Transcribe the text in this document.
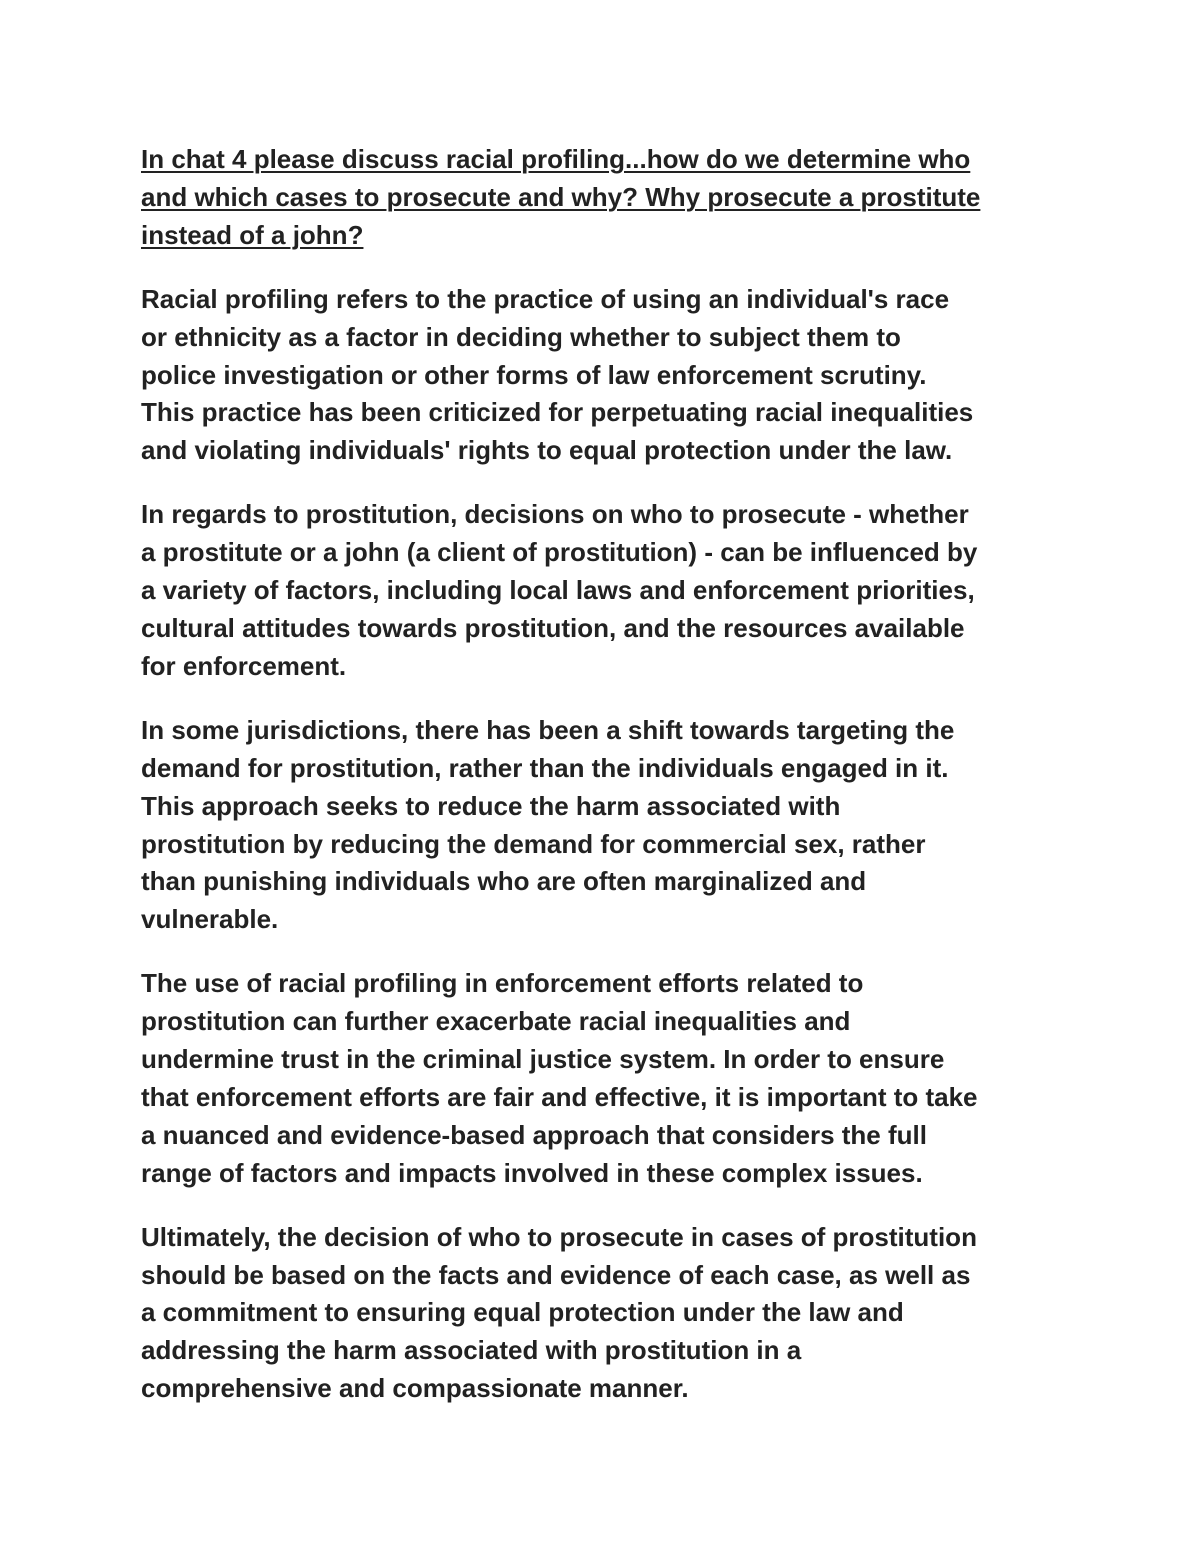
In chat 4 please discuss racial profiling...how do we determine who
and which cases to prosecute and why? Why prosecute a prostitute
instead of a john?
Racial profiling refers to the practice of using an individual's race
or ethnicity as a factor in deciding whether to subject them to
police investigation or other forms of law enforcement scrutiny.
This practice has been criticized for perpetuating racial inequalities
and violating individuals' rights to equal protection under the law.
In regards to prostitution, decisions on who to prosecute - whether
a prostitute or a john (a client of prostitution) - can be influenced by
a variety of factors, including local laws and enforcement priorities,
cultural attitudes towards prostitution, and the resources available
for enforcement.
In some jurisdictions, there has been a shift towards targeting the
demand for prostitution, rather than the individuals engaged in it.
This approach seeks to reduce the harm associated with
prostitution by reducing the demand for commercial sex, rather
than punishing individuals who are often marginalized and
vulnerable.
The use of racial profiling in enforcement efforts related to
prostitution can further exacerbate racial inequalities and
undermine trust in the criminal justice system. In order to ensure
that enforcement efforts are fair and effective, it is important to take
a nuanced and evidence-based approach that considers the full
range of factors and impacts involved in these complex issues.
Ultimately, the decision of who to prosecute in cases of prostitution
should be based on the facts and evidence of each case, as well as
a commitment to ensuring equal protection under the law and
addressing the harm associated with prostitution in a
comprehensive and compassionate manner.
